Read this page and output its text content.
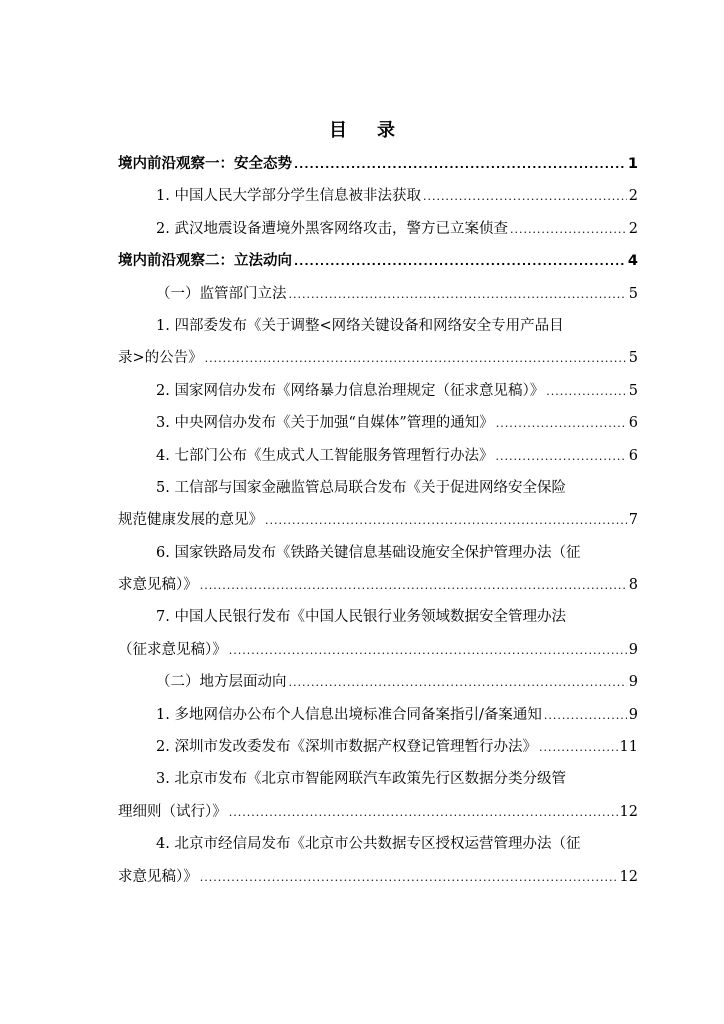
目 录
境内前沿观察一：安全态势 .....	1
1. 中国人民大学部分学生信息被非法获取 .....	2
2. 武汉地震设备遭境外黑客网络攻击，警方已立案侦查 .....	2
境内前沿观察二：立法动向 .....	4
（一）监管部门立法 .....	5
1. 四部委发布《关于调整<网络关键设备和网络安全专用产品目
录>的公告》 .....	5
2. 国家网信办发布《网络暴力信息治理规定（征求意见稿）》 .....	5
3. 中央网信办发布《关于加强“自媒体”管理的通知》 .....	6
4. 七部门公布《生成式人工智能服务管理暂行办法》 .....	6
5. 工信部与国家金融监管总局联合发布《关于促进网络安全保险
规范健康发展的意见》 .....	7
6. 国家铁路局发布《铁路关键信息基础设施安全保护管理办法（征
求意见稿）》 .....	8
7. 中国人民银行发布《中国人民银行业务领域数据安全管理办法
（征求意见稿）》 .....	9
（二）地方层面动向 .....	9
1. 多地网信办公布个人信息出境标准合同备案指引/备案通知 .....	9
2. 深圳市发改委发布《深圳市数据产权登记管理暂行办法》 .....	11
3. 北京市发布《北京市智能网联汽车政策先行区数据分类分级管
理细则（试行）》 .....	12
4. 北京市经信局发布《北京市公共数据专区授权运营管理办法（征
求意见稿）》 .....	12
